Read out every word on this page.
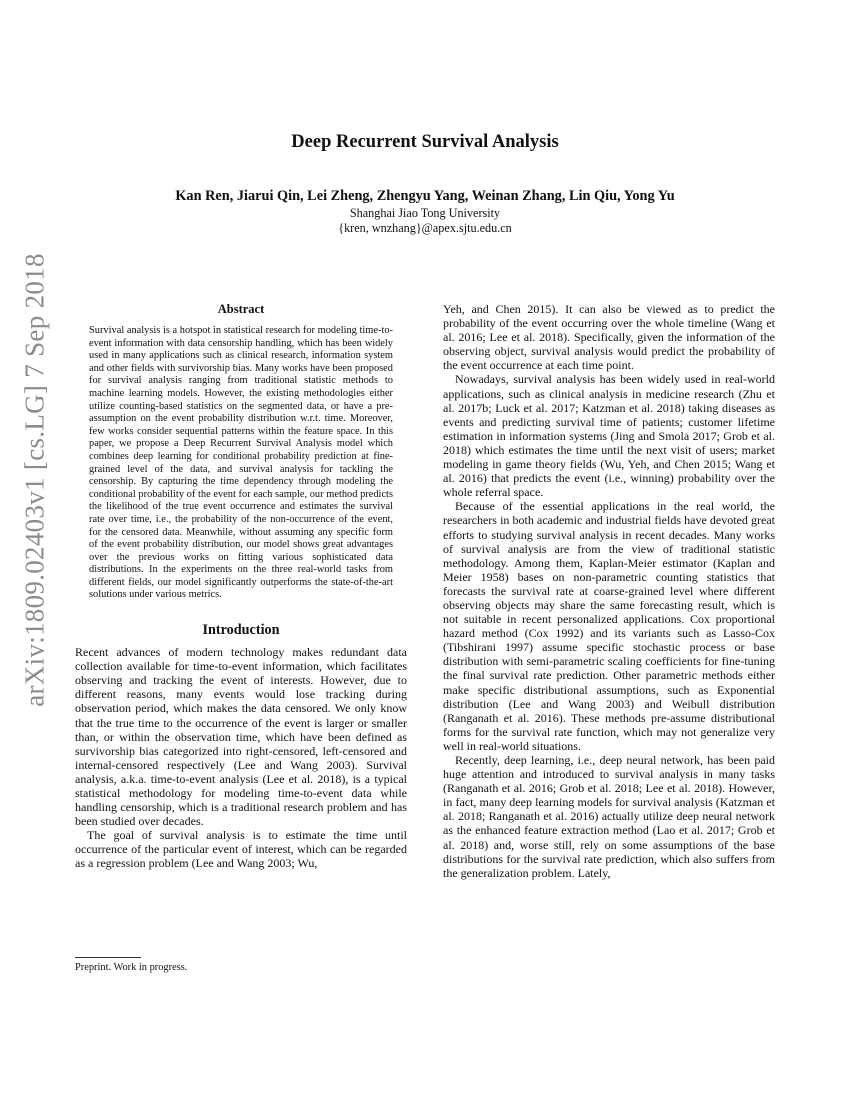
arXiv:1809.02403v1 [cs.LG] 7 Sep 2018
Deep Recurrent Survival Analysis
Kan Ren, Jiarui Qin, Lei Zheng, Zhengyu Yang, Weinan Zhang, Lin Qiu, Yong Yu
Shanghai Jiao Tong University
{kren, wnzhang}@apex.sjtu.edu.cn
Abstract

Survival analysis is a hotspot in statistical research for modeling time-to-event information with data censorship handling, which has been widely used in many applications such as clinical research, information system and other fields with survivorship bias. Many works have been proposed for survival analysis ranging from traditional statistic methods to machine learning models. However, the existing methodologies either utilize counting-based statistics on the segmented data, or have a pre-assumption on the event probability distribution w.r.t. time. Moreover, few works consider sequential patterns within the feature space. In this paper, we propose a Deep Recurrent Survival Analysis model which combines deep learning for conditional probability prediction at fine-grained level of the data, and survival analysis for tackling the censorship. By capturing the time dependency through modeling the conditional probability of the event for each sample, our method predicts the likelihood of the true event occurrence and estimates the survival rate over time, i.e., the probability of the non-occurrence of the event, for the censored data. Meanwhile, without assuming any specific form of the event probability distribution, our model shows great advantages over the previous works on fitting various sophisticated data distributions. In the experiments on the three real-world tasks from different fields, our model significantly outperforms the state-of-the-art solutions under various metrics.

Introduction

Recent advances of modern technology makes redundant data collection available for time-to-event information, which facilitates observing and tracking the event of interests. However, due to different reasons, many events would lose tracking during observation period, which makes the data censored. We only know that the true time to the occurrence of the event is larger or smaller than, or within the observation time, which have been defined as survivorship bias categorized into right-censored, left-censored and internal-censored respectively (Lee and Wang 2003). Survival analysis, a.k.a. time-to-event analysis (Lee et al. 2018), is a typical statistical methodology for modeling time-to-event data while handling censorship, which is a traditional research problem and has been studied over decades.

The goal of survival analysis is to estimate the time until occurrence of the particular event of interest, which can be regarded as a regression problem (Lee and Wang 2003; Wu,

Yeh, and Chen 2015). It can also be viewed as to predict the probability of the event occurring over the whole timeline (Wang et al. 2016; Lee et al. 2018). Specifically, given the information of the observing object, survival analysis would predict the probability of the event occurrence at each time point.

Nowadays, survival analysis has been widely used in real-world applications, such as clinical analysis in medicine research (Zhu et al. 2017b; Luck et al. 2017; Katzman et al. 2018) taking diseases as events and predicting survival time of patients; customer lifetime estimation in information systems (Jing and Smola 2017; Grob et al. 2018) which estimates the time until the next visit of users; market modeling in game theory fields (Wu, Yeh, and Chen 2015; Wang et al. 2016) that predicts the event (i.e., winning) probability over the whole referral space.

Because of the essential applications in the real world, the researchers in both academic and industrial fields have devoted great efforts to studying survival analysis in recent decades. Many works of survival analysis are from the view of traditional statistic methodology. Among them, Kaplan-Meier estimator (Kaplan and Meier 1958) bases on non-parametric counting statistics that forecasts the survival rate at coarse-grained level where different observing objects may share the same forecasting result, which is not suitable in recent personalized applications. Cox proportional hazard method (Cox 1992) and its variants such as Lasso-Cox (Tibshirani 1997) assume specific stochastic process or base distribution with semi-parametric scaling coefficients for fine-tuning the final survival rate prediction. Other parametric methods either make specific distributional assumptions, such as Exponential distribution (Lee and Wang 2003) and Weibull distribution (Ranganath et al. 2016). These methods pre-assume distributional forms for the survival rate function, which may not generalize very well in real-world situations.

Recently, deep learning, i.e., deep neural network, has been paid huge attention and introduced to survival analysis in many tasks (Ranganath et al. 2016; Grob et al. 2018; Lee et al. 2018). However, in fact, many deep learning models for survival analysis (Katzman et al. 2018; Ranganath et al. 2016) actually utilize deep neural network as the enhanced feature extraction method (Lao et al. 2017; Grob et al. 2018) and, worse still, rely on some assumptions of the base distributions for the survival rate prediction, which also suffers from the generalization problem. Lately,

Preprint. Work in progress.
